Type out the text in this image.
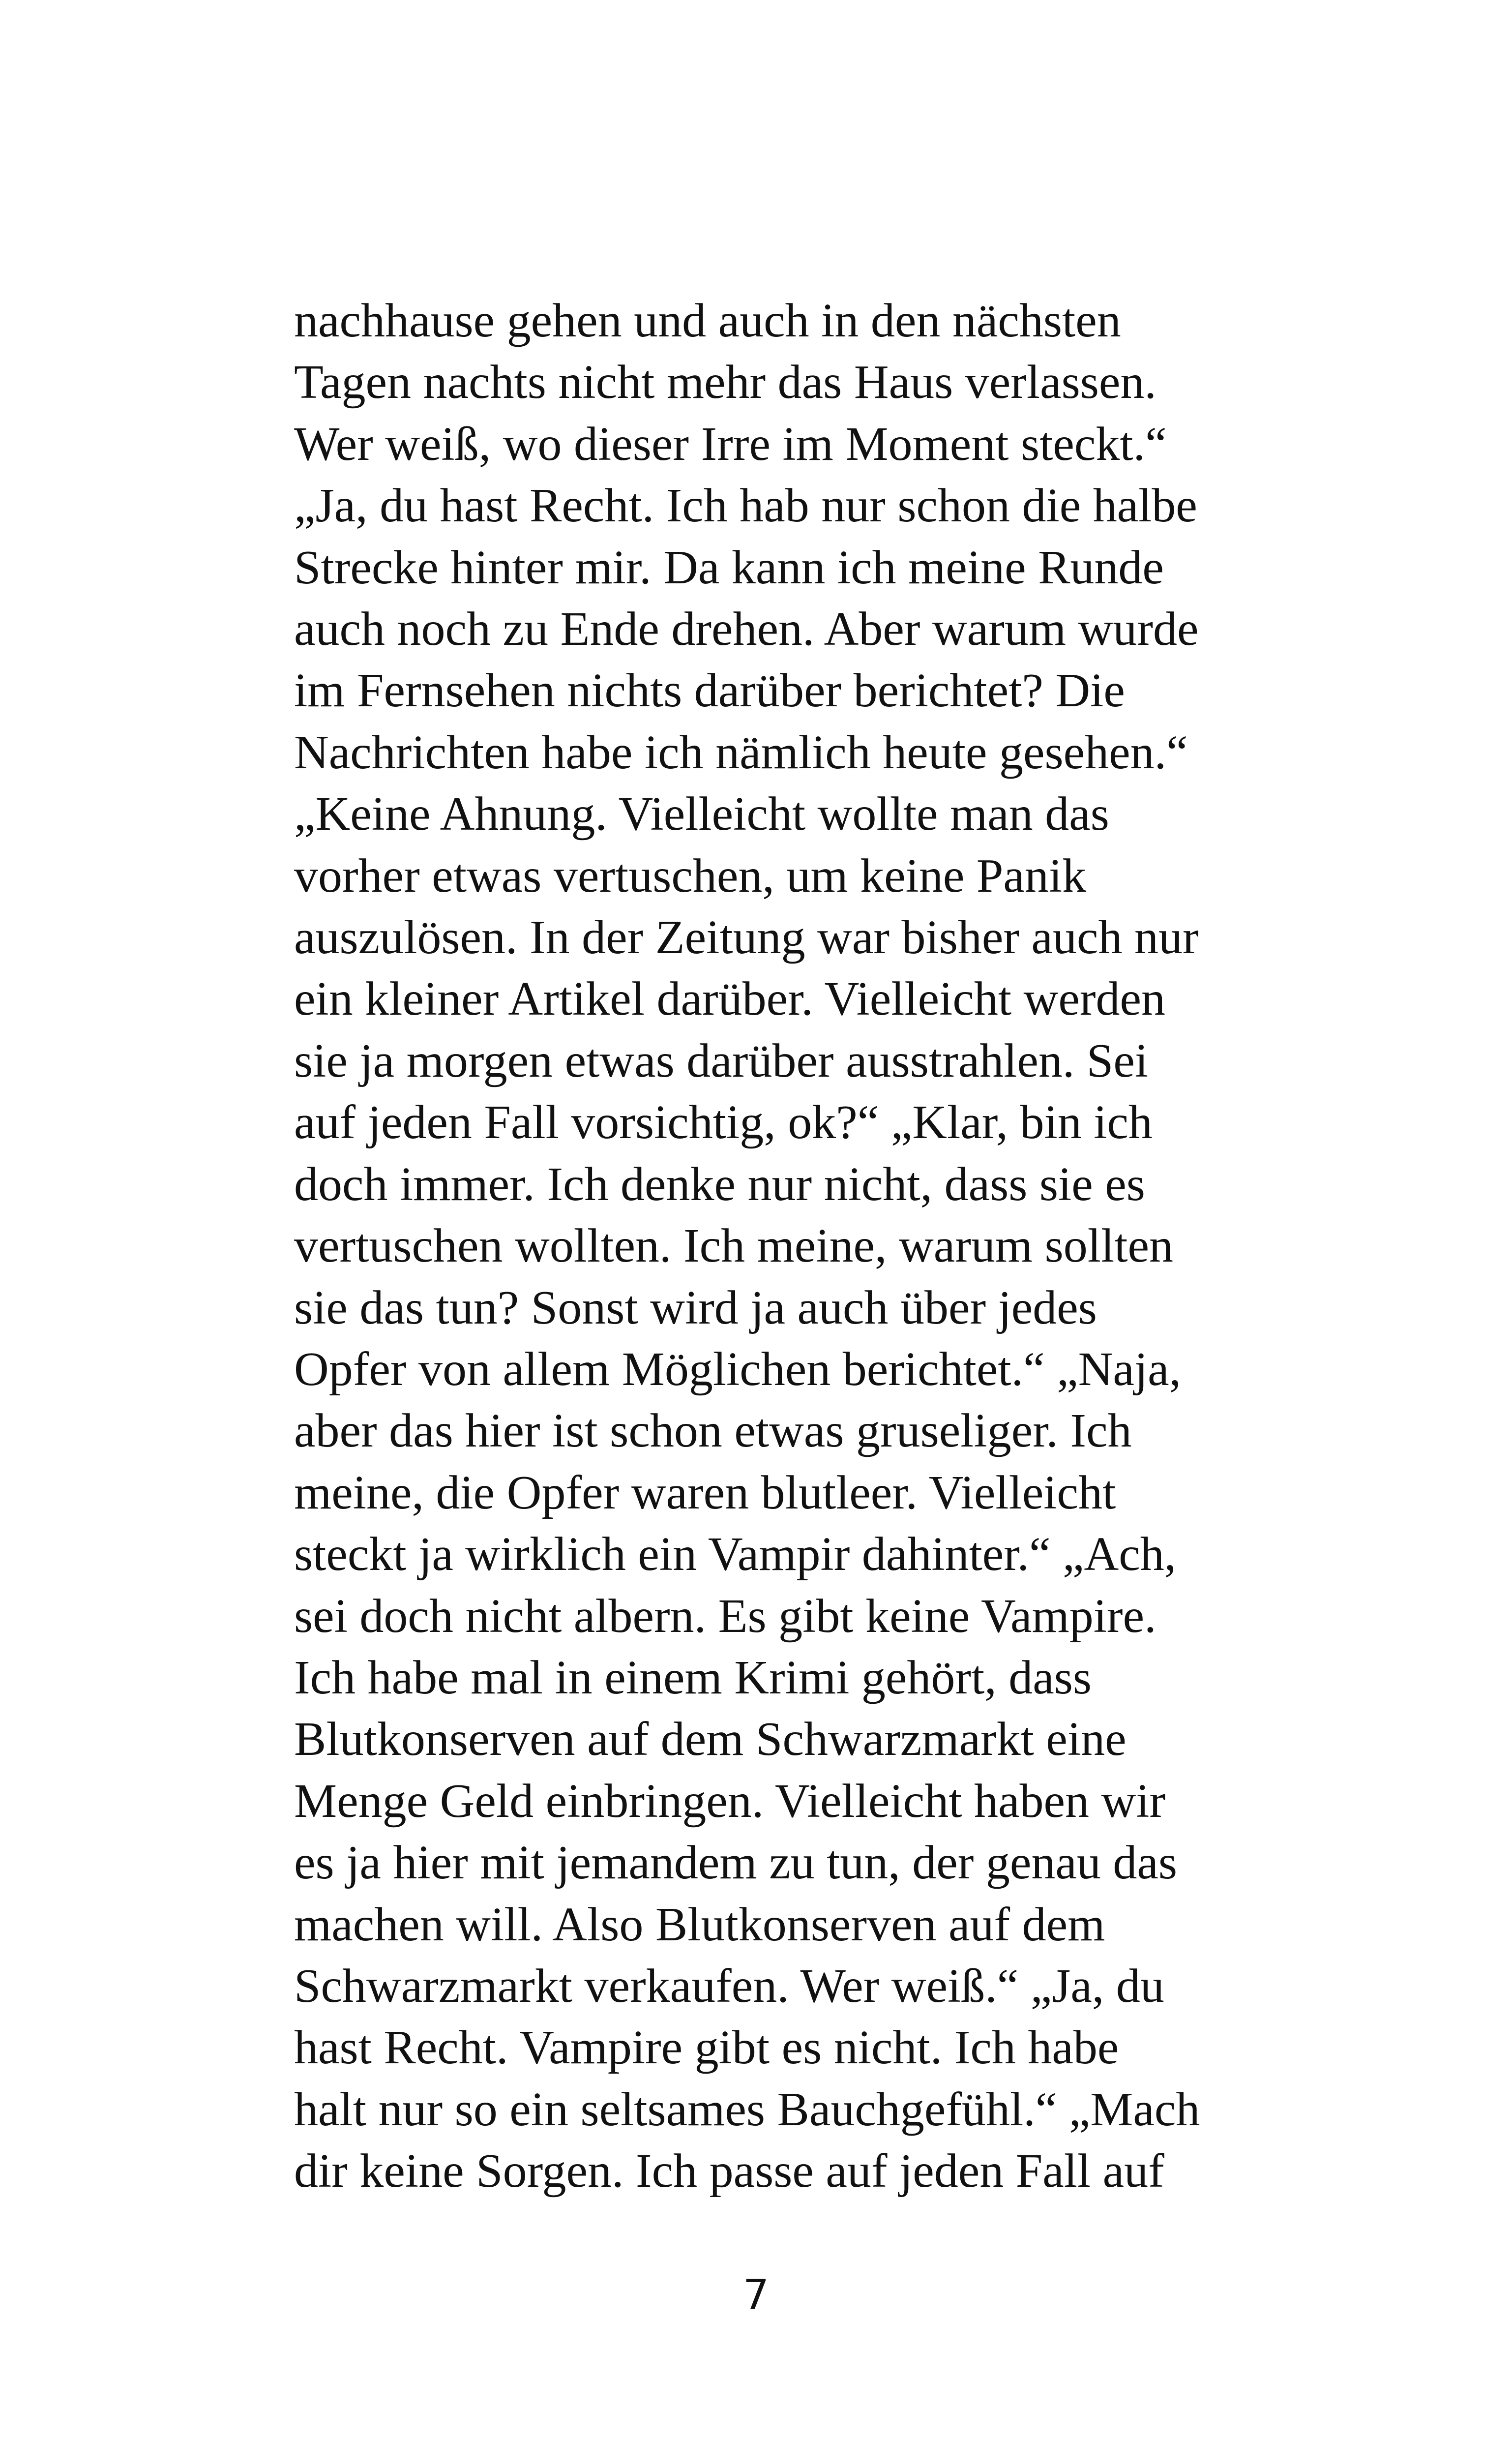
nachhause gehen und auch in den nächsten
Tagen nachts nicht mehr das Haus verlassen.
Wer weiß, wo dieser Irre im Moment steckt.“
„Ja, du hast Recht. Ich hab nur schon die halbe
Strecke hinter mir. Da kann ich meine Runde
auch noch zu Ende drehen. Aber warum wurde
im Fernsehen nichts darüber berichtet? Die
Nachrichten habe ich nämlich heute gesehen.“
„Keine Ahnung. Vielleicht wollte man das
vorher etwas vertuschen, um keine Panik
auszulösen. In der Zeitung war bisher auch nur
ein kleiner Artikel darüber. Vielleicht werden
sie ja morgen etwas darüber ausstrahlen. Sei
auf jeden Fall vorsichtig, ok?“ „Klar, bin ich
doch immer. Ich denke nur nicht, dass sie es
vertuschen wollten. Ich meine, warum sollten
sie das tun? Sonst wird ja auch über jedes
Opfer von allem Möglichen berichtet.“ „Naja,
aber das hier ist schon etwas gruseliger. Ich
meine, die Opfer waren blutleer. Vielleicht
steckt ja wirklich ein Vampir dahinter.“ „Ach,
sei doch nicht albern. Es gibt keine Vampire.
Ich habe mal in einem Krimi gehört, dass
Blutkonserven auf dem Schwarzmarkt eine
Menge Geld einbringen. Vielleicht haben wir
es ja hier mit jemandem zu tun, der genau das
machen will. Also Blutkonserven auf dem
Schwarzmarkt verkaufen. Wer weiß.“ „Ja, du
hast Recht. Vampire gibt es nicht. Ich habe
halt nur so ein seltsames Bauchgefühl.“ „Mach
dir keine Sorgen. Ich passe auf jeden Fall auf
7
